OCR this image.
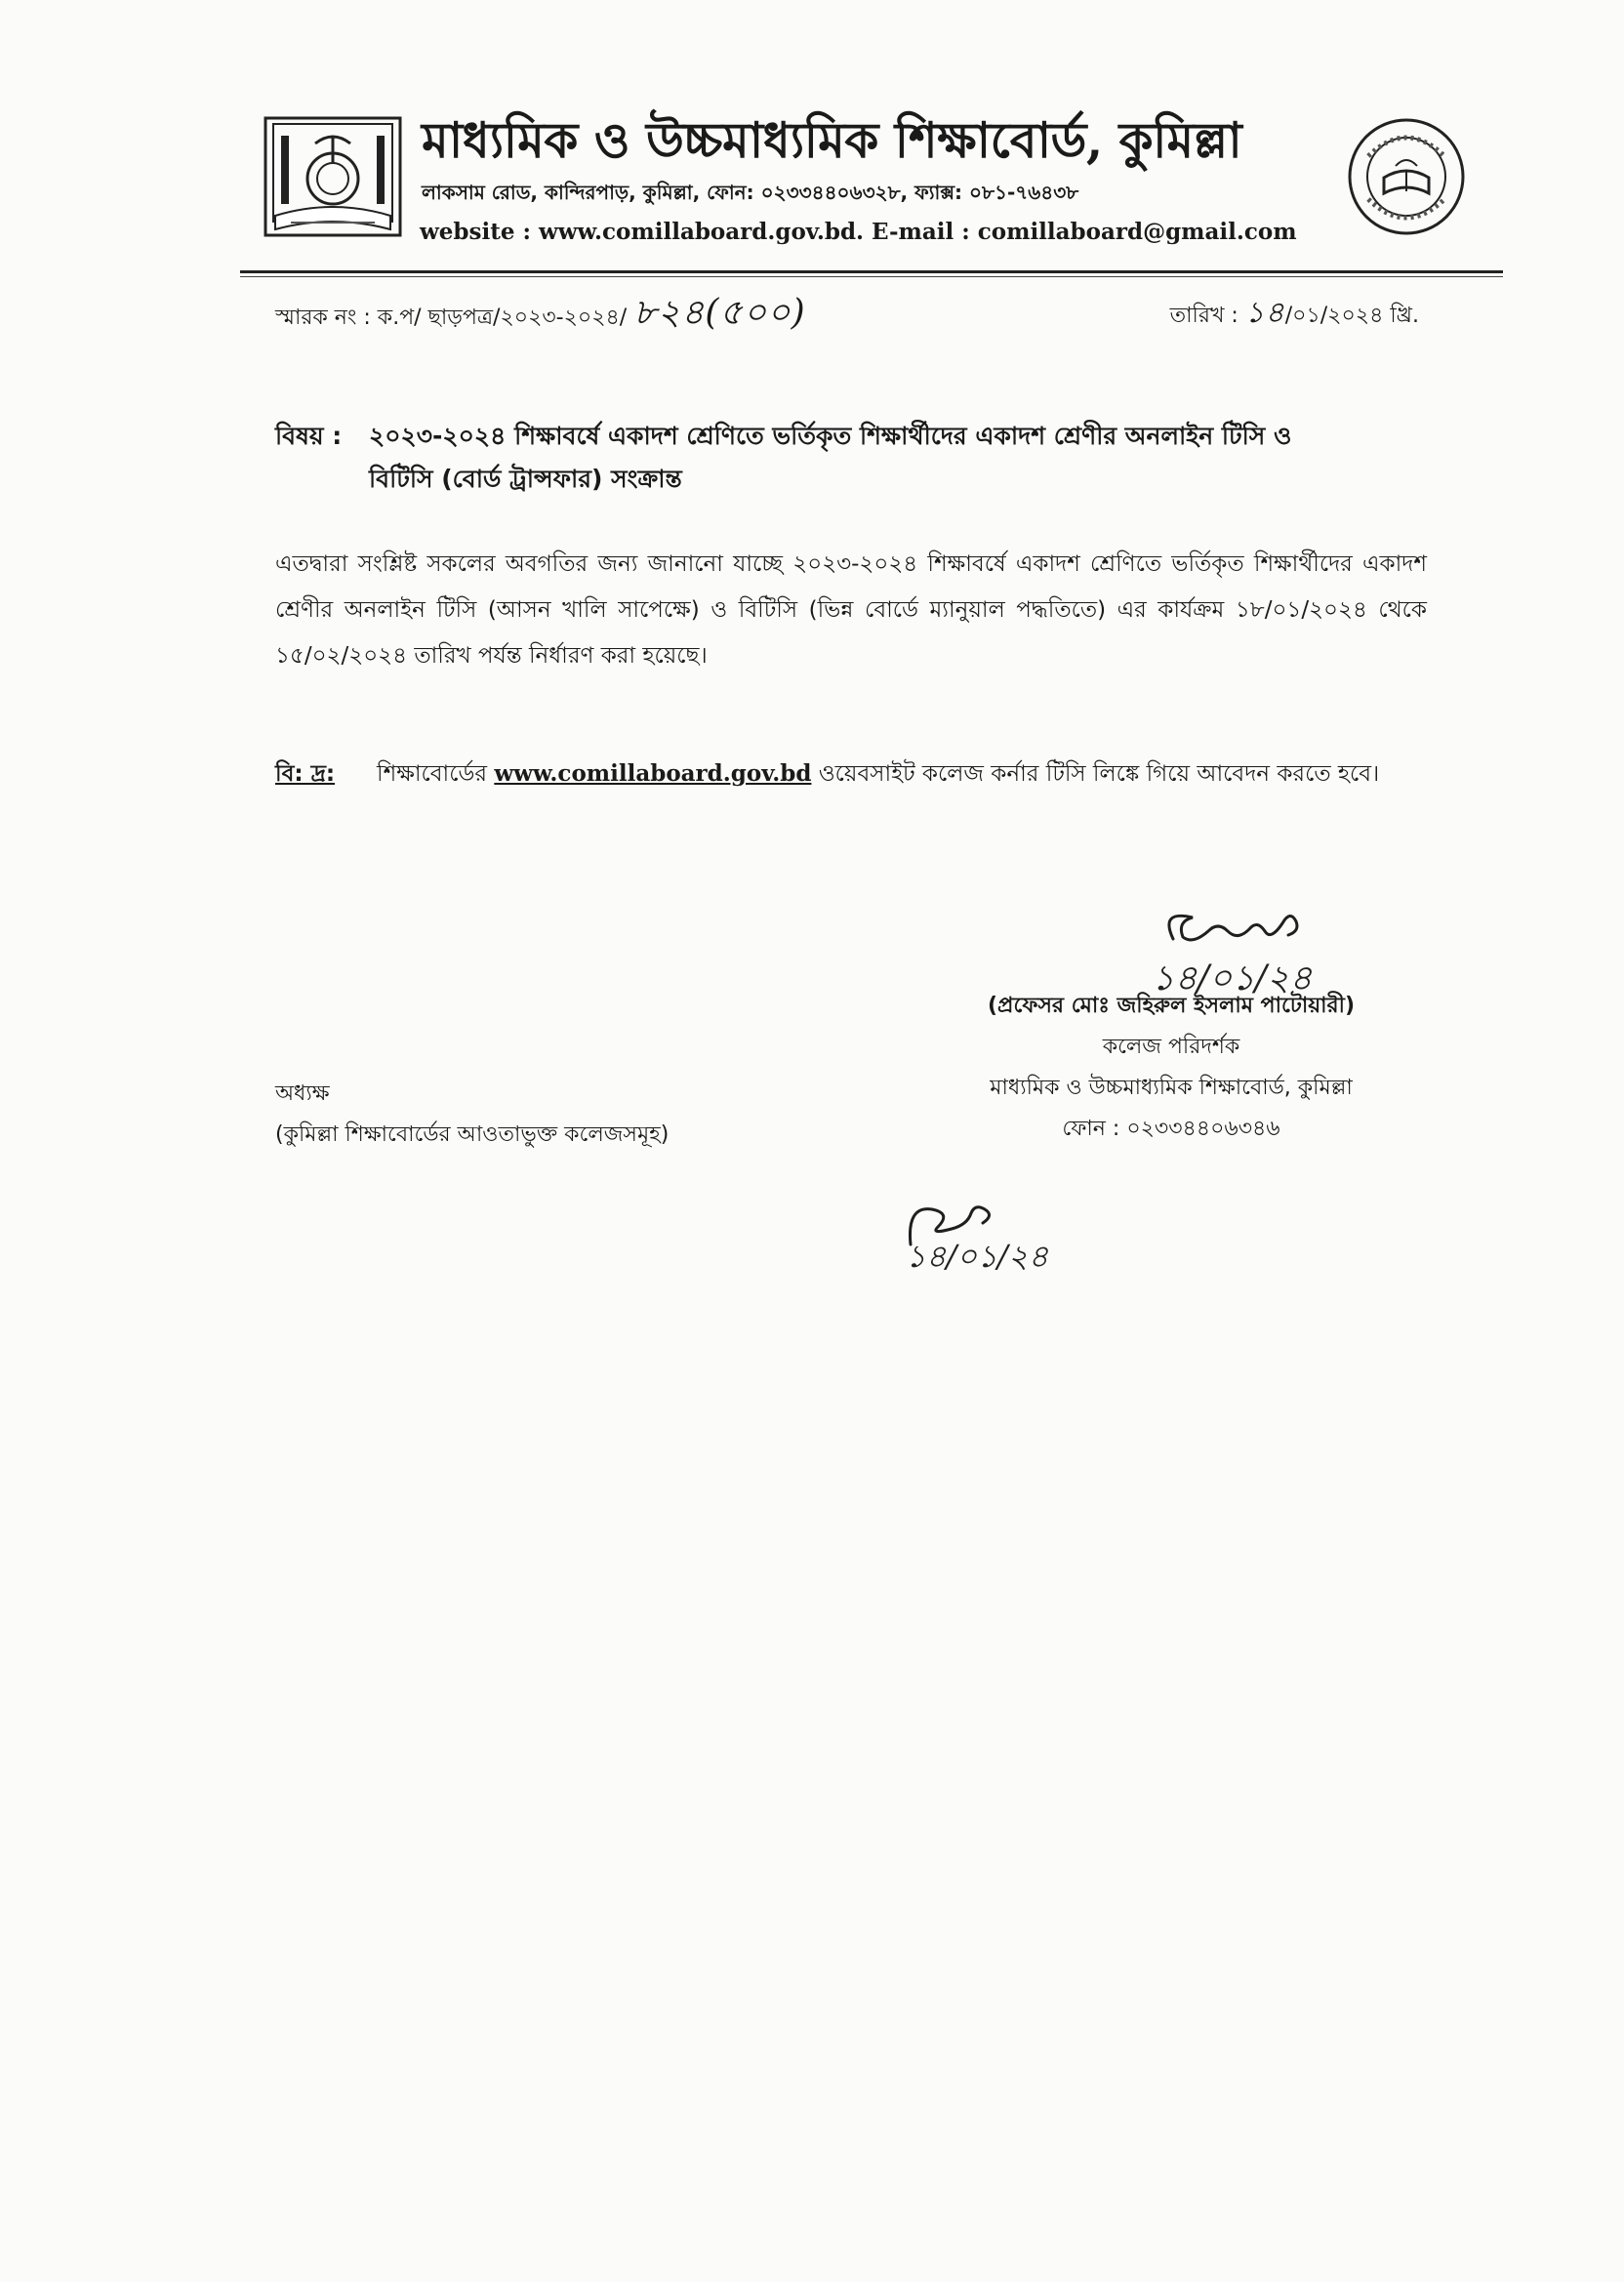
মাধ্যমিক ও উচ্চমাধ্যমিক শিক্ষাবোর্ড, কুমিল্লা
লাকসাম রোড, কান্দিরপাড়, কুমিল্লা, ফোন: ০২৩৩৪৪০৬৩২৮, ফ্যাক্স: ০৮১-৭৬৪৩৮
website : www.comillaboard.gov.bd. E-mail : comillaboard@gmail.com
স্মারক নং : ক.প/ ছাড়পত্র/২০২৩-২০২৪/ ৮২৪(৫০০)	তারিখ : ১৪/০১/২০২৪ খ্রি.
বিষয় : ২০২৩-২০২৪ শিক্ষাবর্ষে একাদশ শ্রেণিতে ভর্তিকৃত শিক্ষার্থীদের একাদশ শ্রেণীর অনলাইন টিসি ও
বিটিসি (বোর্ড ট্রান্সফার) সংক্রান্ত
এতদ্বারা সংশ্লিষ্ট সকলের অবগতির জন্য জানানো যাচ্ছে ২০২৩-২০২৪ শিক্ষাবর্ষে একাদশ শ্রেণিতে ভর্তিকৃত শিক্ষার্থীদের একাদশ শ্রেণীর অনলাইন টিসি (আসন খালি সাপেক্ষে) ও বিটিসি (ভিন্ন বোর্ডে ম্যানুয়াল পদ্ধতিতে) এর কার্যক্রম ১৮/০১/২০২৪ থেকে ১৫/০২/২০২৪ তারিখ পর্যন্ত নির্ধারণ করা হয়েছে।
বি: দ্র: শিক্ষাবোর্ডের www.comillaboard.gov.bd ওয়েবসাইট কলেজ কর্নার টিসি লিঙ্কে গিয়ে আবেদন করতে হবে।
১৪/০১/২৪
(প্রফেসর মোঃ জহিরুল ইসলাম পাটোয়ারী)
কলেজ পরিদর্শক
মাধ্যমিক ও উচ্চমাধ্যমিক শিক্ষাবোর্ড, কুমিল্লা
ফোন : ০২৩৩৪৪০৬৩৪৬
অধ্যক্ষ
(কুমিল্লা শিক্ষাবোর্ডের আওতাভুক্ত কলেজসমূহ)
১৪/০১/২৪
